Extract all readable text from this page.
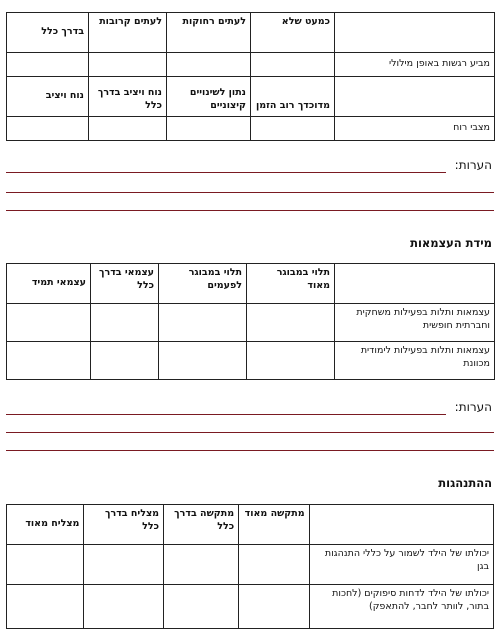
	כמעט שלא	לעתים רחוקות	לעתים קרובות	בדרך כלל
מביע רגשות באופן מילולי				
	מדוכדך רוב הזמן	נתון לשינויים קיצוניים	נוח ויציב בדרך כלל	נוח ויציב
מצבי רוח				
הערות:
מידת העצמאות
	תלוי במבוגר מאוד	תלוי במבוגר לפעמים	עצמאי בדרך כלל	עצמאי תמיד
עצמאות ותלות בפעילות משחקית וחברתית חופשית				
עצמאות ותלות בפעילות לימודית מכוונת				
הערות:
ההתנהגות
	מתקשה מאוד	מתקשה בדרך כלל	מצליח בדרך כלל	מצליח מאוד
יכולתו של הילד לשמור על כללי התנהגות בגן				
יכולתו של הילד לדחות סיפוקים (לחכות בתור, לוותר לחבר, להתאפק)				
